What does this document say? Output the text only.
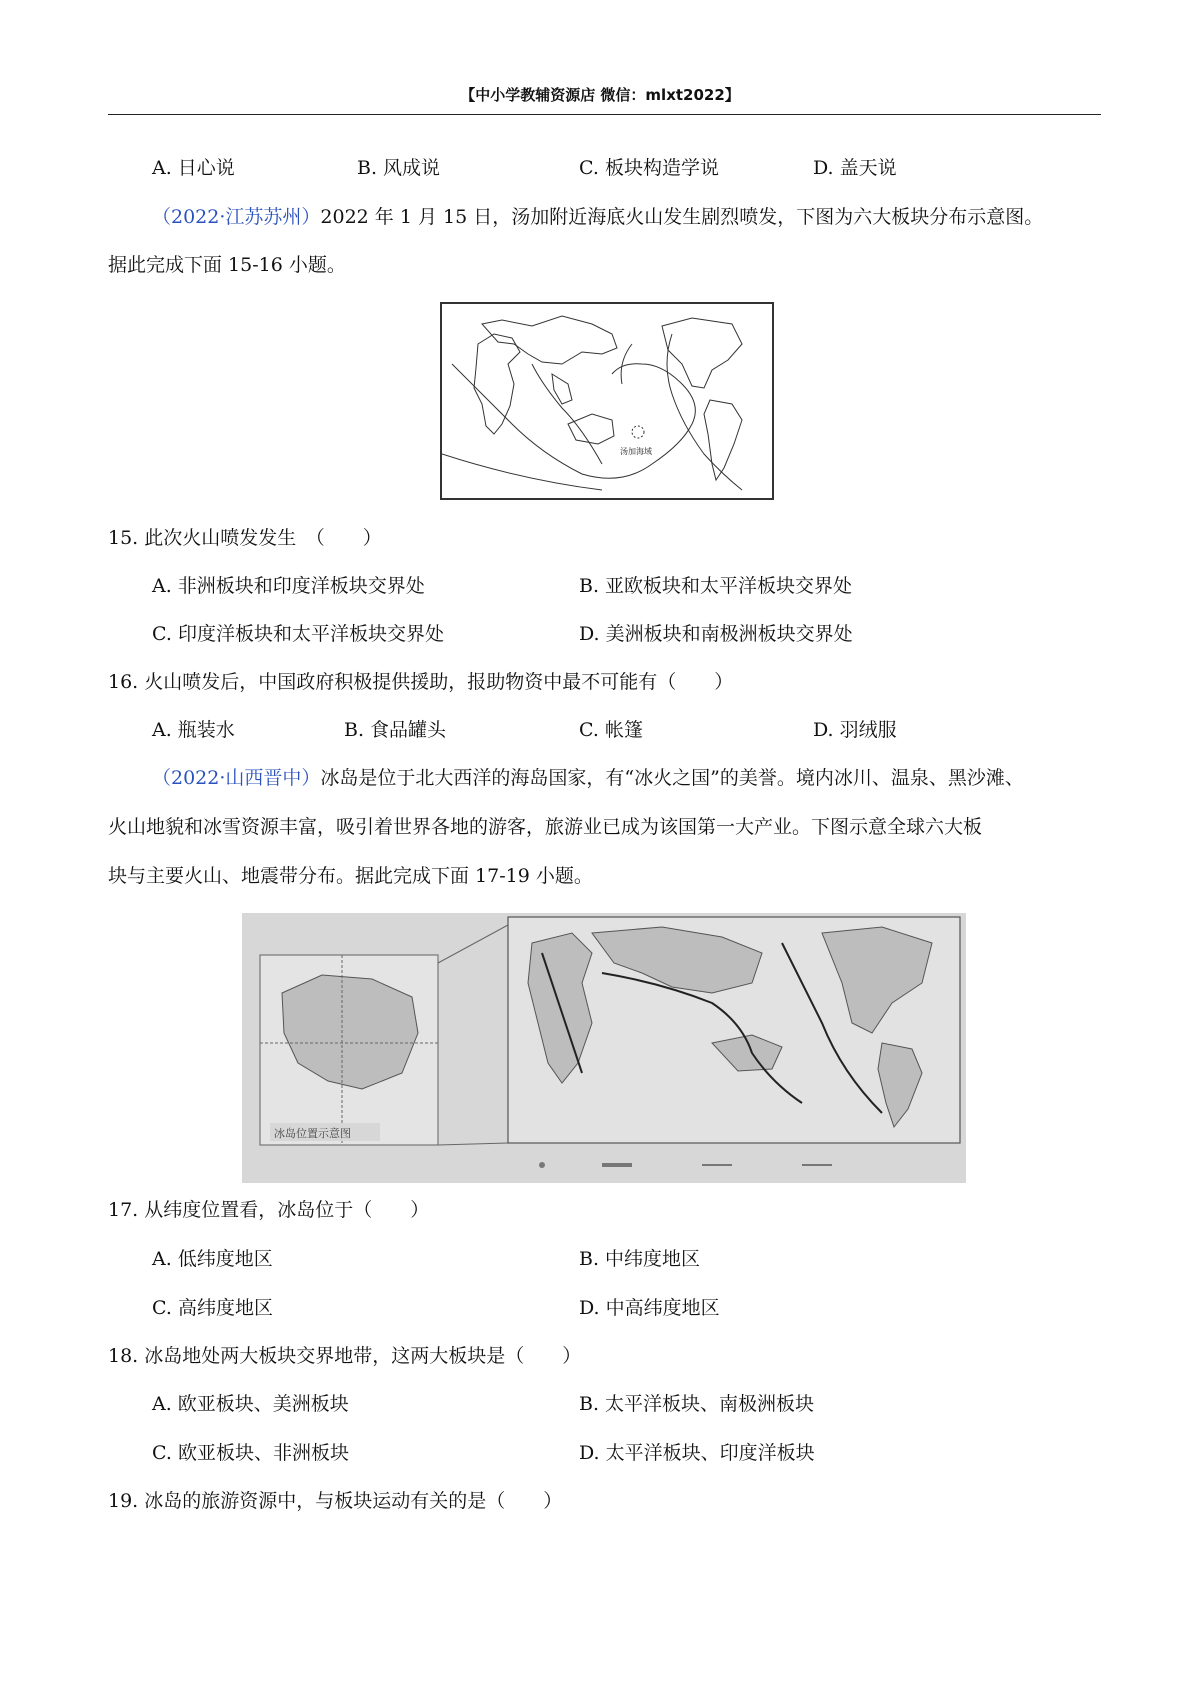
【中小学教辅资源店 微信：mlxt2022】
A. 日心说	B. 风成说	C. 板块构造学说	D. 盖天说
（2022·江苏苏州）2022 年 1 月 15 日，汤加附近海底火山发生剧烈喷发，下图为六大板块分布示意图。
据此完成下面 15-16 小题。
汤加海域
15. 此次火山喷发发生　（　　）
A. 非洲板块和印度洋板块交界处	B. 亚欧板块和太平洋板块交界处
C. 印度洋板块和太平洋板块交界处	D. 美洲板块和南极洲板块交界处
16. 火山喷发后，中国政府积极提供援助，报助物资中最不可能有（　　）
A. 瓶装水	B. 食品罐头	C. 帐篷	D. 羽绒服
（2022·山西晋中）冰岛是位于北大西洋的海岛国家，有“冰火之国”的美誉。境内冰川、温泉、黑沙滩、
火山地貌和冰雪资源丰富，吸引着世界各地的游客，旅游业已成为该国第一大产业。下图示意全球六大板
块与主要火山、地震带分布。据此完成下面 17-19 小题。
冰岛位置示意图
17. 从纬度位置看，冰岛位于（　　）
A. 低纬度地区	B. 中纬度地区
C. 高纬度地区	D. 中高纬度地区
18. 冰岛地处两大板块交界地带，这两大板块是（　　）
A. 欧亚板块、美洲板块	B. 太平洋板块、南极洲板块
C. 欧亚板块、非洲板块	D. 太平洋板块、印度洋板块
19. 冰岛的旅游资源中，与板块运动有关的是（　　）
